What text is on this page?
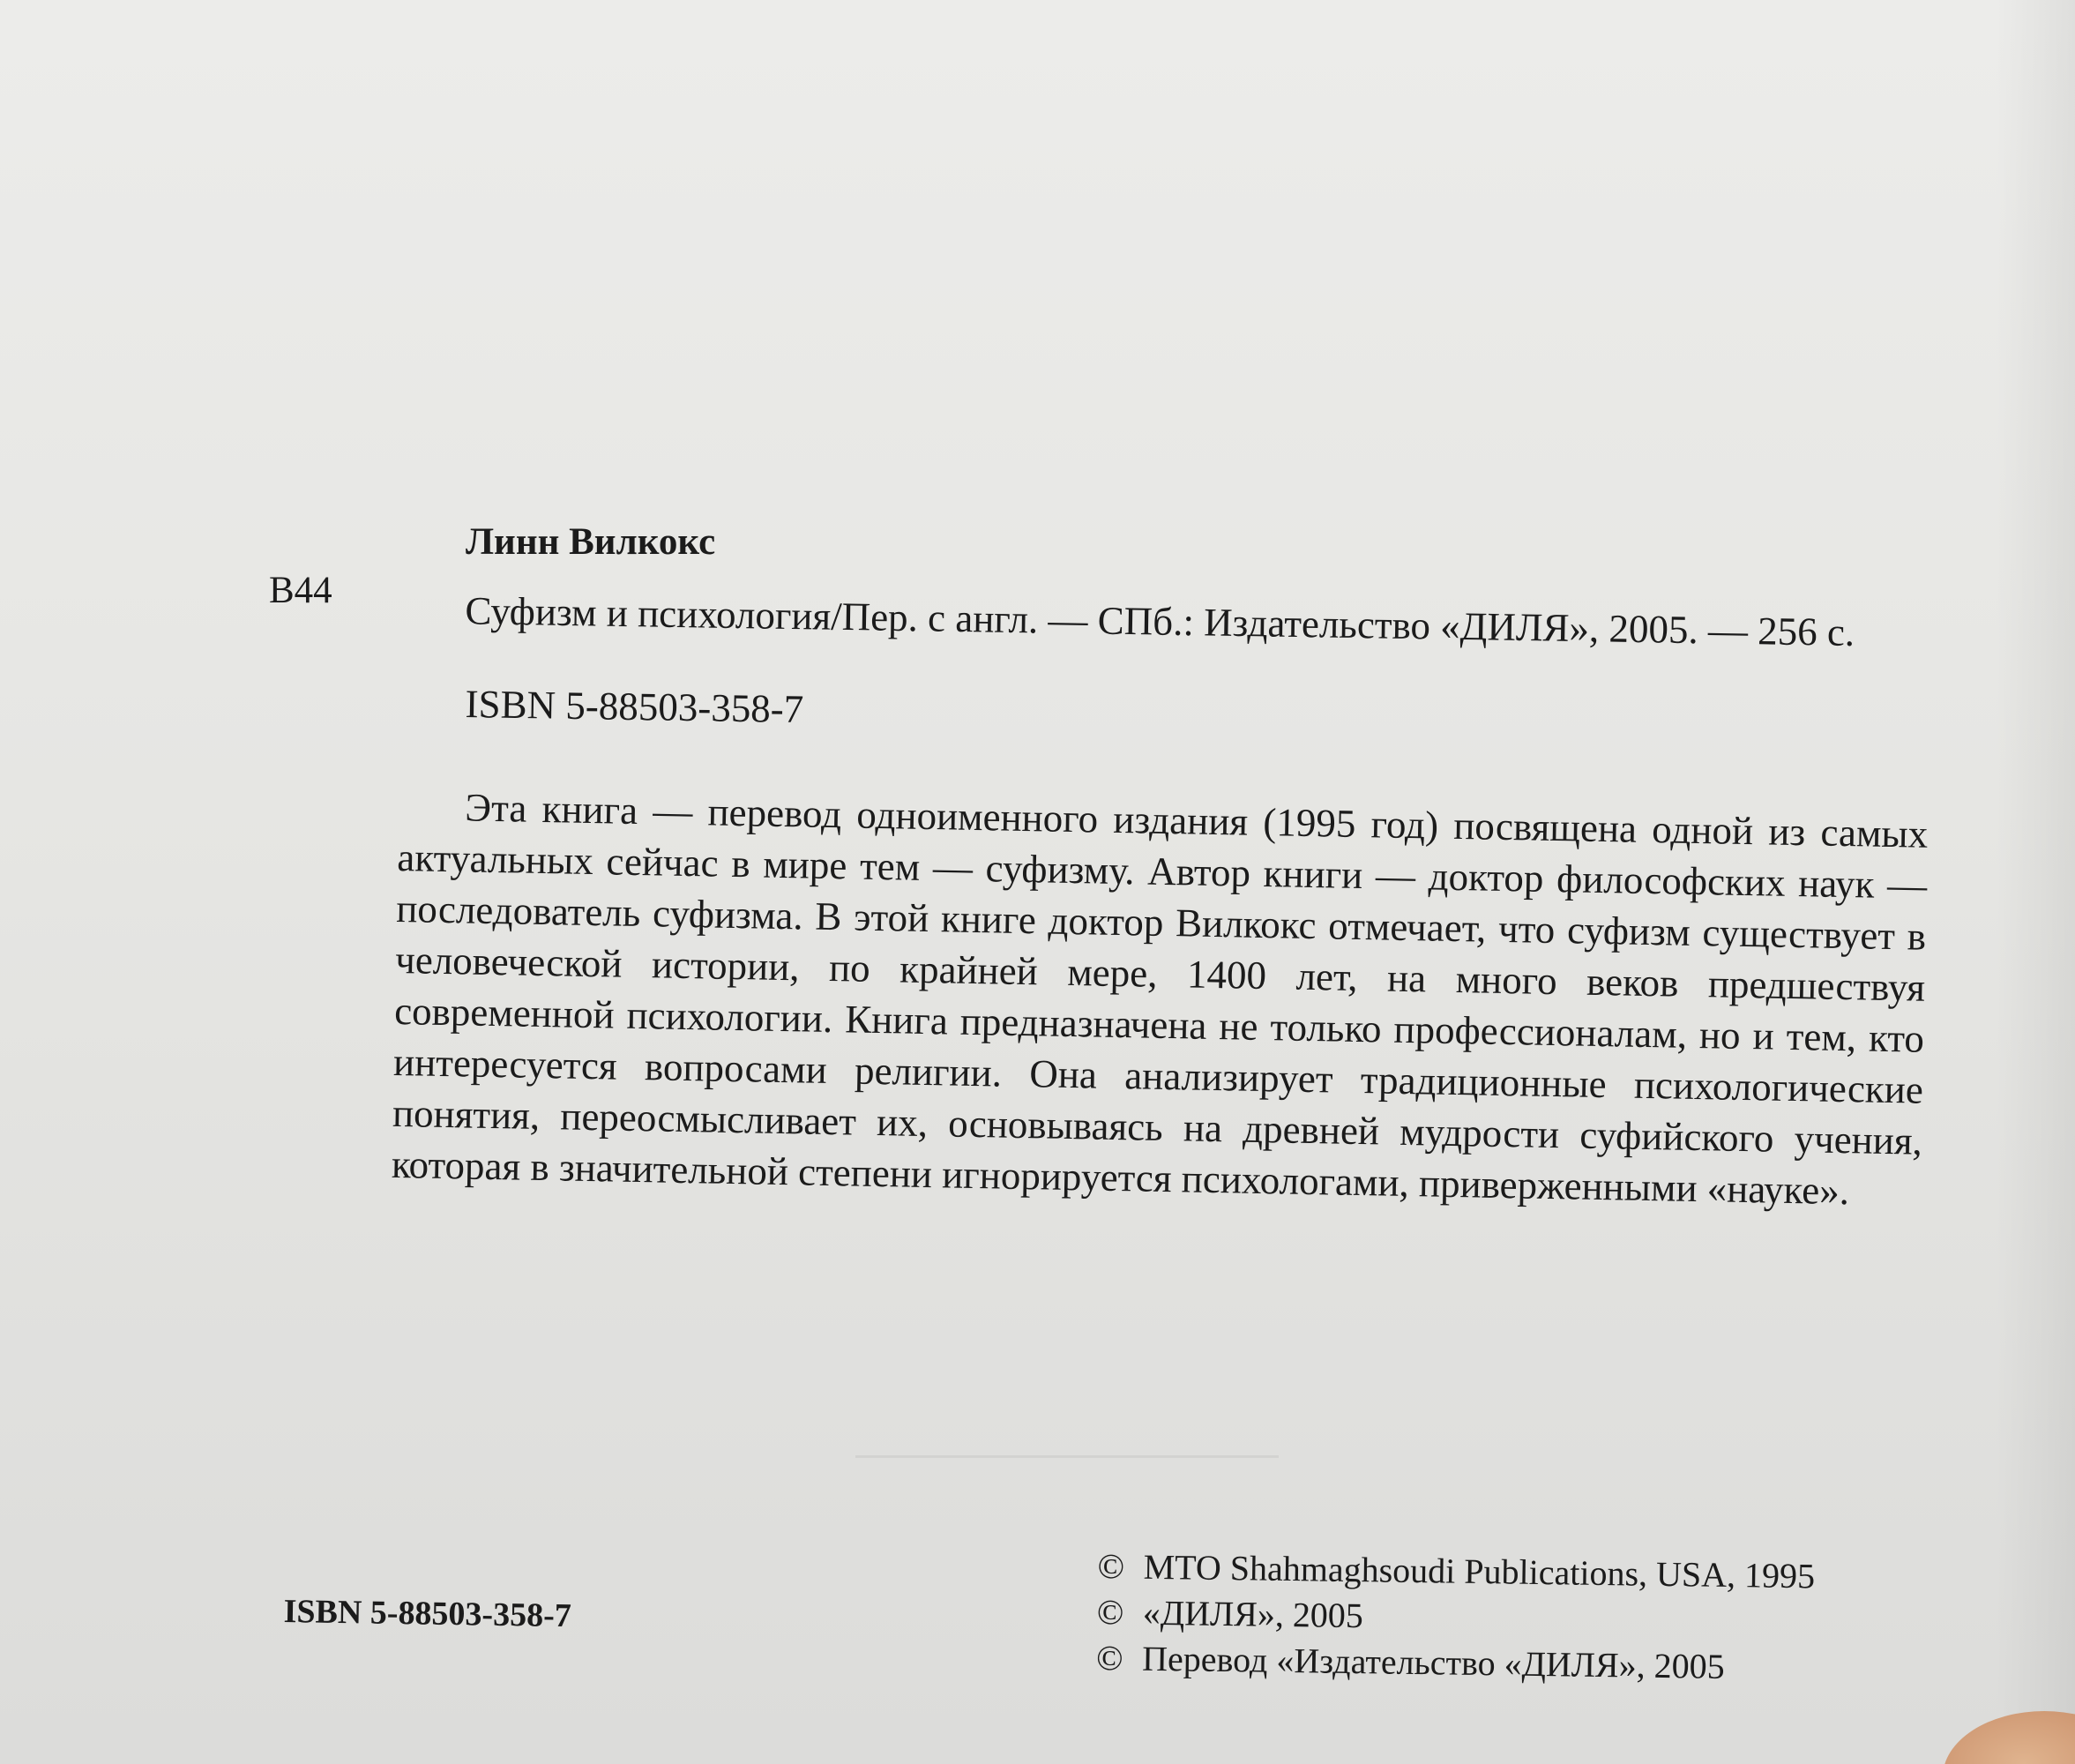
Линн Вилкокс
В44	Суфизм и психология/Пер. с англ. — СПб.: Издательство «ДИЛЯ», 2005. — 256 с.
ISBN 5-88503-358-7
Эта книга — перевод одноименного издания (1995 год) посвящена одной из самых актуальных сейчас в мире тем — суфизму. Автор книги — доктор философских наук — последователь суфизма. В этой книге доктор Вилкокс отмечает, что суфизм существует в человеческой истории, по крайней мере, 1400 лет, на много веков предшествуя современной психологии. Книга предназначена не только профессионалам, но и тем, кто интересуется вопросами религии. Она анализирует традиционные психологические понятия, переосмысливает их, основываясь на древней мудрости суфийского учения, которая в значительной степени игнорируется психологами, приверженными «науке».
ISBN 5-88503-358-7
© MTO Shahmaghsoudi Publications, USA, 1995
© «ДИЛЯ», 2005
© Перевод «Издательство «ДИЛЯ», 2005
